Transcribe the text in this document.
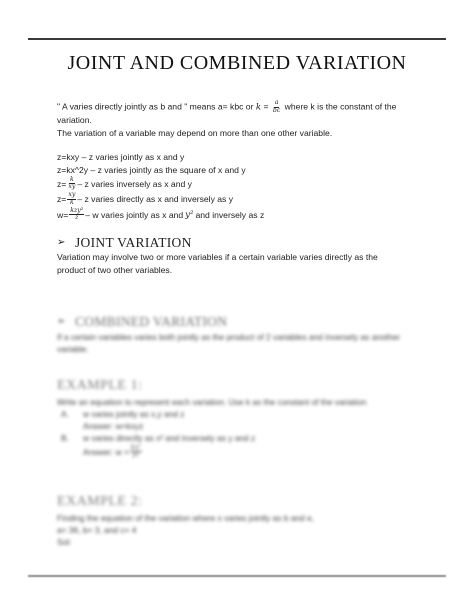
JOINT AND COMBINED VARIATION

" A varies directly jointly as b and " means a= kbc or $k = \frac{a}{bc}$ where k is the constant of the

variation.

The variation of a variable may depend on more than one other variable.

z=kxy – z varies jointly as x and y
z=kx^2y – z varies jointly as the square of x and y
$z= \frac{k}{xy} - z$ varies inversely as x and y
$z= \frac{xy}{k} - z$ varies directly as x and inversely as y
$w= \frac{\text{kzy²}}{z} - w$ varies jointly as x and y² and inversely as z
➢ JOINT VARIATION

Variation may involve two or more variables if a certain variable varies directly as the product of two other variables.

➢ COMBINED VARIATION

If a certain variables varies both jointly as the product of 2 variables and inversely as another variable.

EXAMPLE 1:

Write an equation to represent each variation. Use k as the constant of the variation

A.	w varies jointly as x,y and z

Answer: w=kxyz

B.	w varies directly as x² and inversely as y and z
Answer: $w = \frac{\text{kx²}}{yz}$
EXAMPLE 2:

Finding the equation of the variation where x varies jointly as b and e,

a= 36, b= 3, and c= 4

Sol:
